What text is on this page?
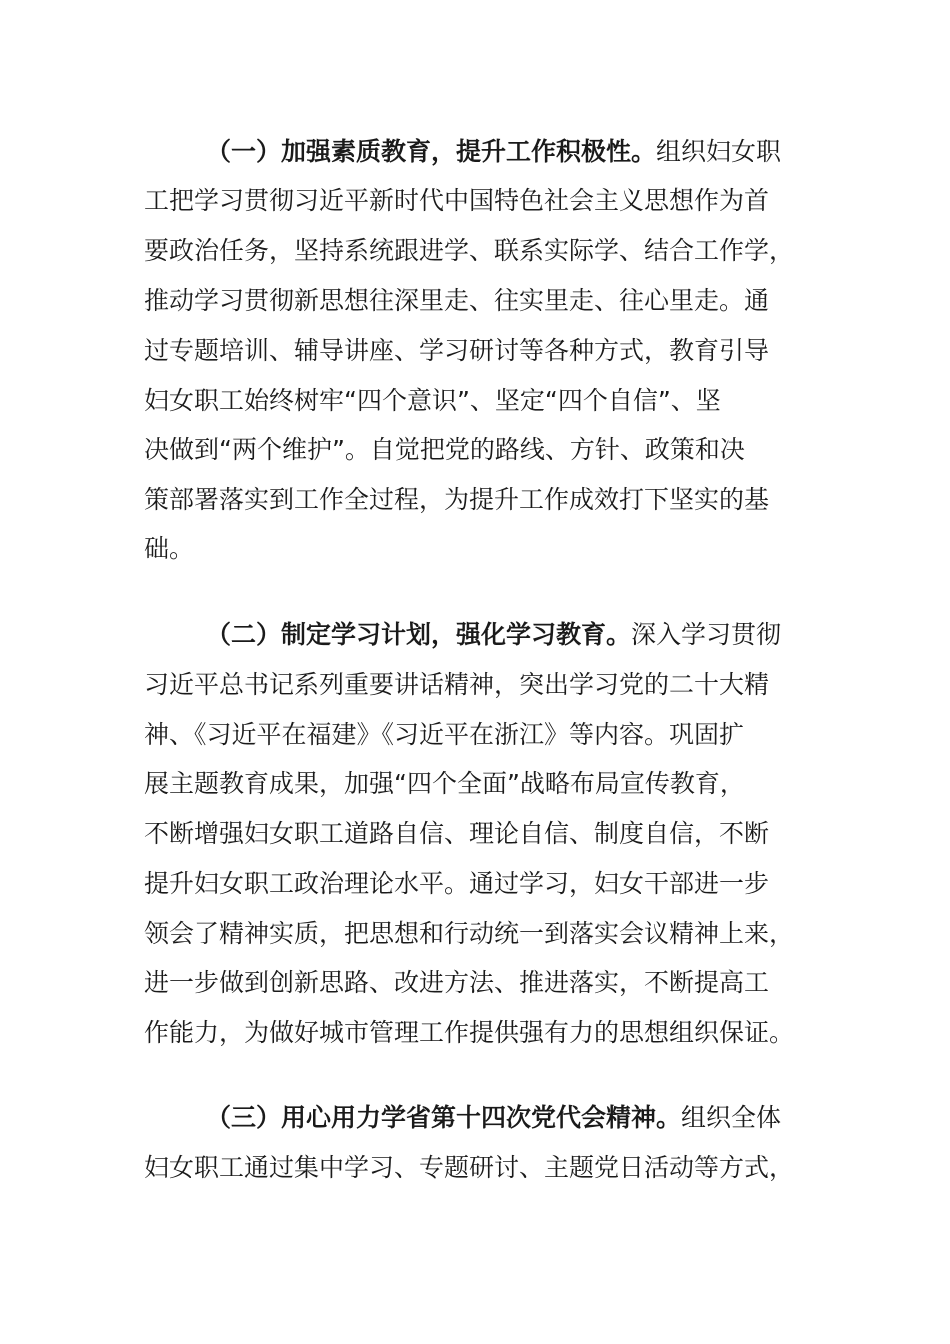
（一）加强素质教育，提升工作积极性。组织妇女职
工把学习贯彻习近平新时代中国特色社会主义思想作为首
要政治任务，坚持系统跟进学、联系实际学、结合工作学，
推动学习贯彻新思想往深里走、往实里走、往心里走。通
过专题培训、辅导讲座、学习研讨等各种方式，教育引导
妇女职工始终树牢“四个意识”、坚定“四个自信”、坚
决做到“两个维护”。自觉把党的路线、方针、政策和决
策部署落实到工作全过程，为提升工作成效打下坚实的基
础。
（二）制定学习计划，强化学习教育。深入学习贯彻
习近平总书记系列重要讲话精神，突出学习党的二十大精
神、《习近平在福建》《习近平在浙江》等内容。巩固扩
展主题教育成果，加强“四个全面”战略布局宣传教育，
不断增强妇女职工道路自信、理论自信、制度自信，不断
提升妇女职工政治理论水平。通过学习，妇女干部进一步
领会了精神实质，把思想和行动统一到落实会议精神上来，
进一步做到创新思路、改进方法、推进落实，不断提高工
作能力，为做好城市管理工作提供强有力的思想组织保证。
（三）用心用力学省第十四次党代会精神。组织全体
妇女职工通过集中学习、专题研讨、主题党日活动等方式，
